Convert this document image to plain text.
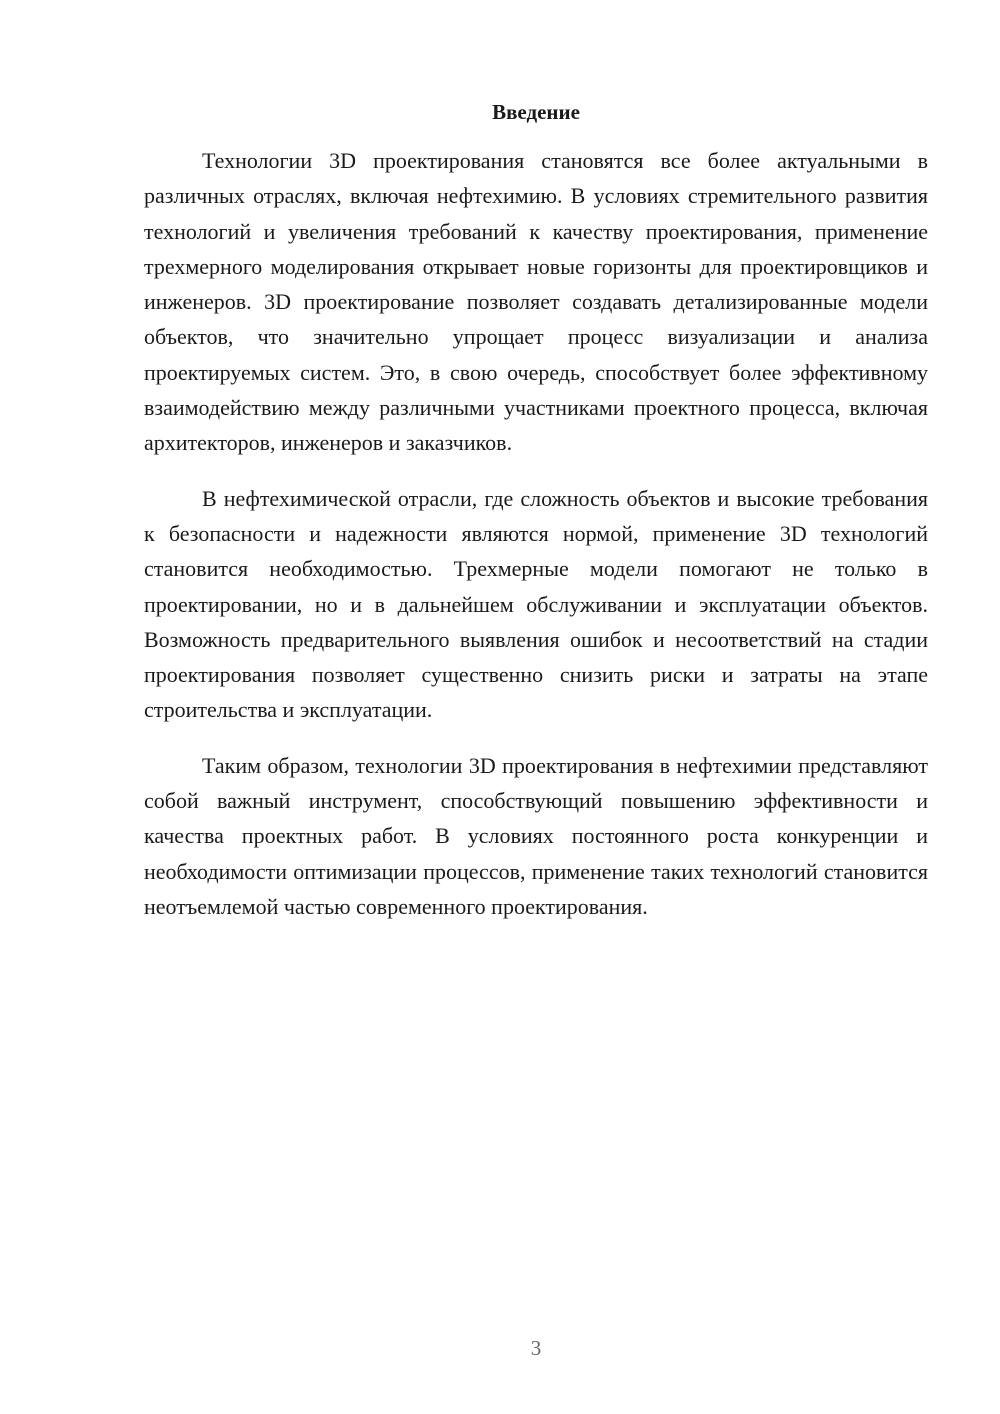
Введение

Технологии 3D проектирования становятся все более актуальными в различных отраслях, включая нефтехимию. В условиях стремительного развития технологий и увеличения требований к качеству проектирования, применение трехмерного моделирования открывает новые горизонты для проектировщиков и инженеров. 3D проектирование позволяет создавать детализированные модели объектов, что значительно упрощает процесс визуализации и анализа проектируемых систем. Это, в свою очередь, способствует более эффективному взаимодействию между различными участниками проектного процесса, включая архитекторов, инженеров и заказчиков.

В нефтехимической отрасли, где сложность объектов и высокие требования к безопасности и надежности являются нормой, применение 3D технологий становится необходимостью. Трехмерные модели помогают не только в проектировании, но и в дальнейшем обслуживании и эксплуатации объектов. Возможность предварительного выявления ошибок и несоответствий на стадии проектирования позволяет существенно снизить риски и затраты на этапе строительства и эксплуатации.

Таким образом, технологии 3D проектирования в нефтехимии представляют собой важный инструмент, способствующий повышению эффективности и качества проектных работ. В условиях постоянного роста конкуренции и необходимости оптимизации процессов, применение таких технологий становится неотъемлемой частью современного проектирования.

3
